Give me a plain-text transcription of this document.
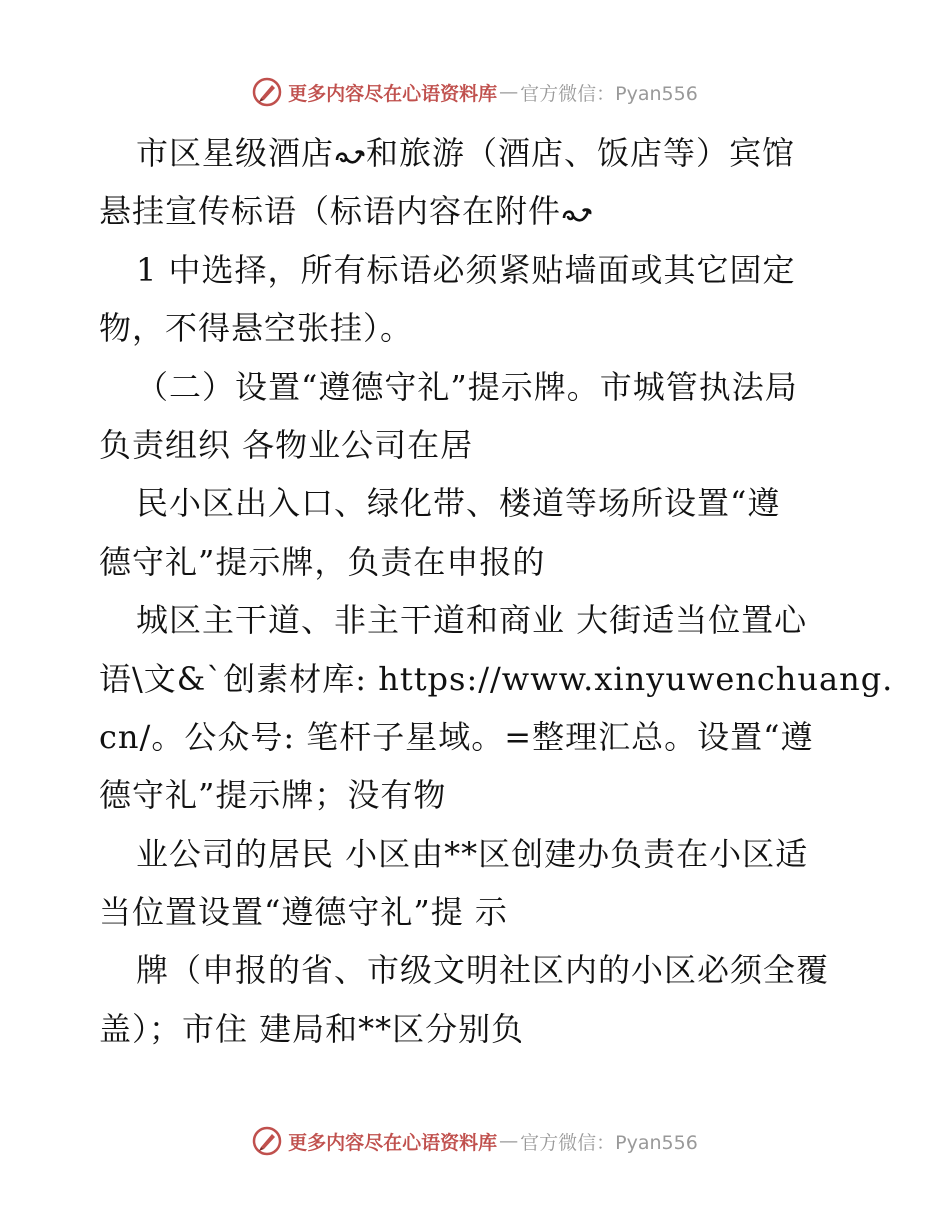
更多内容尽在心语资料库 — 官方微信：Pyan556
市区星级酒店 和旅游（酒店、饭店等）宾馆
悬挂宣传标语（标语内容在附件
1 中选择，所有标语必须紧贴墙面或其它固定
物，不得悬空张挂）。
（二）设置“遵德守礼”提示牌。市城管执法局
负责组织 各物业公司在居
民小区出入口、绿化带、楼道等场所设置“遵
德守礼”提示牌，负责在申报的
城区主干道、非主干道和商业 大街适当位置心
语\文&`创素材库: https://www.xinyuwenchuang.
cn/。公众号: 笔杆子星域。=整理汇总。设置“遵
德守礼”提示牌；没有物
业公司的居民 小区由**区创建办负责在小区适
当位置设置“遵德守礼”提 示
牌（申报的省、市级文明社区内的小区必须全覆
盖）；市住 建局和**区分别负
更多内容尽在心语资料库 — 官方微信：Pyan556
